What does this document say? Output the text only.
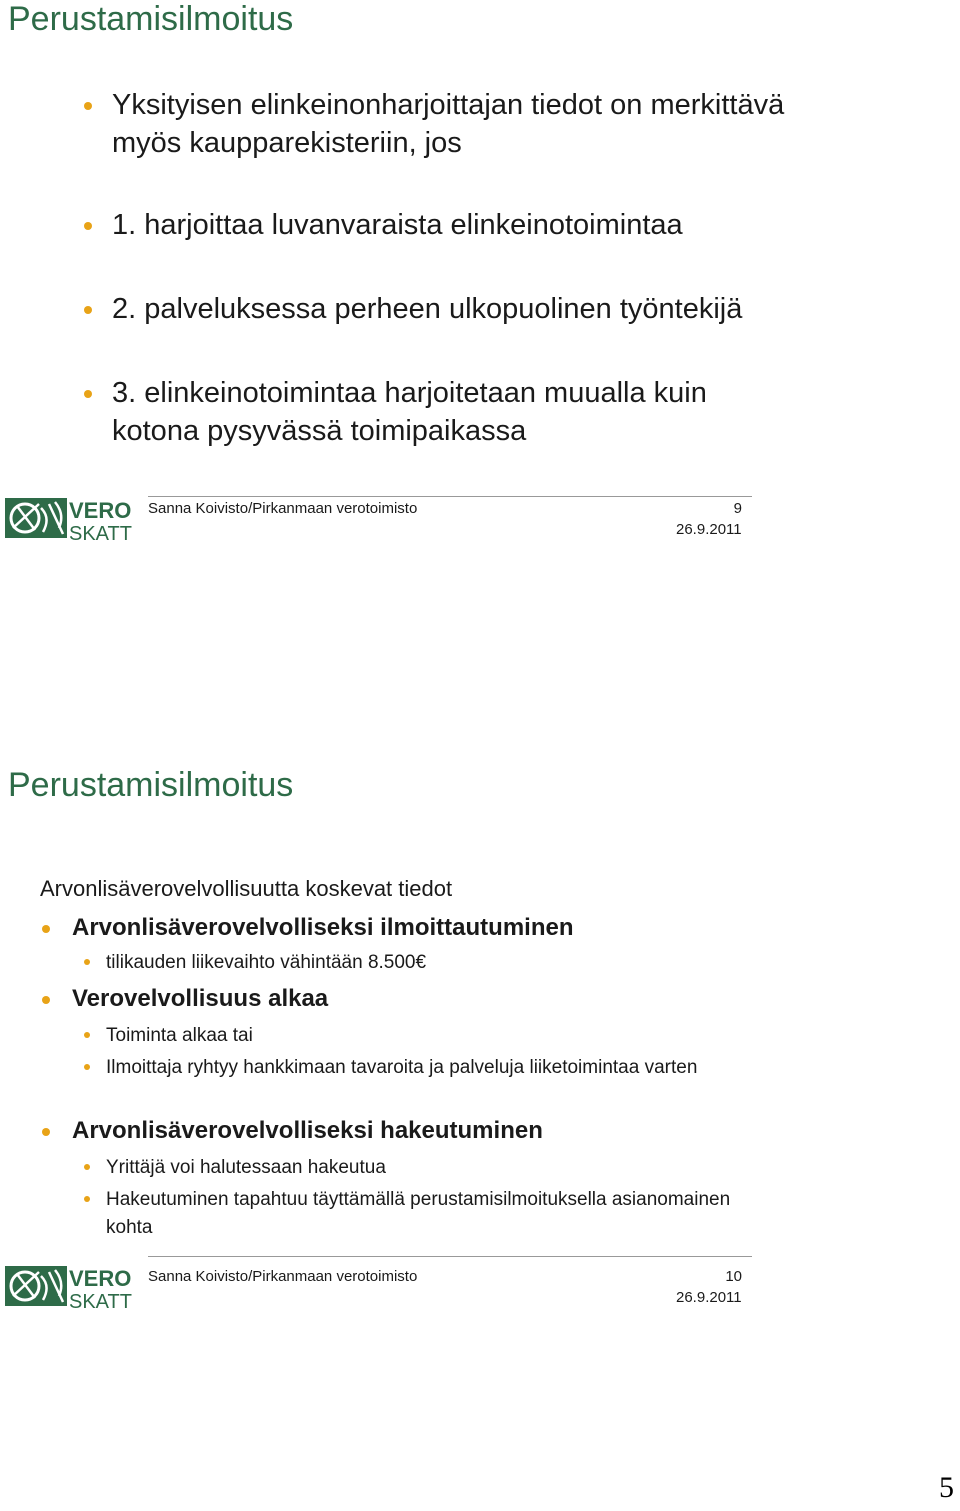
Perustamisilmoitus
Yksityisen elinkeinonharjoittajan tiedot on merkittävä myös kaupparekisteriin, jos
1. harjoittaa luvanvaraista elinkeinotoimintaa
2. palveluksessa perheen ulkopuolinen työntekijä
3. elinkeinotoimintaa harjoitetaan muualla kuin kotona pysyvässä toimipaikassa
VERO
SKATT
Sanna Koivisto/Pirkanmaan verotoimisto	9
26.9.2011
Perustamisilmoitus
Arvonlisäverovelvollisuutta koskevat tiedot
Arvonlisäverovelvolliseksi ilmoittautuminen
tilikauden liikevaihto vähintään 8.500€
Verovelvollisuus alkaa
Toiminta alkaa tai
Ilmoittaja ryhtyy hankkimaan tavaroita ja palveluja liiketoimintaa varten
Arvonlisäverovelvolliseksi hakeutuminen
Yrittäjä voi halutessaan hakeutua
Hakeutuminen tapahtuu täyttämällä perustamisilmoituksella asianomainen kohta
VERO
SKATT
Sanna Koivisto/Pirkanmaan verotoimisto	10
26.9.2011
5
